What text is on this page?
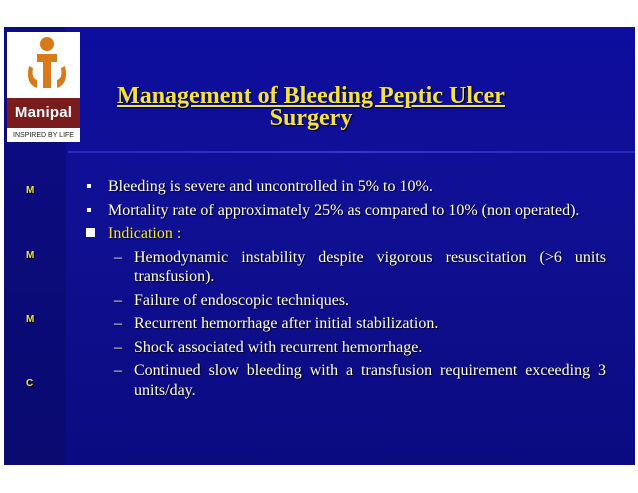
M
M
M
C
Manipal
INSPIRED BY LIFE
Management of Bleeding Peptic Ulcer
Surgery
Bleeding is severe and uncontrolled in 5% to 10%.
Mortality rate of approximately 25% as compared to 10% (non operated).
Indication :
– Hemodynamic instability despite vigorous resuscitation (>6 units transfusion).
– Failure of endoscopic techniques.
– Recurrent hemorrhage after initial stabilization.
– Shock associated with recurrent hemorrhage.
– Continued slow bleeding with a transfusion requirement exceeding 3 units/day.
